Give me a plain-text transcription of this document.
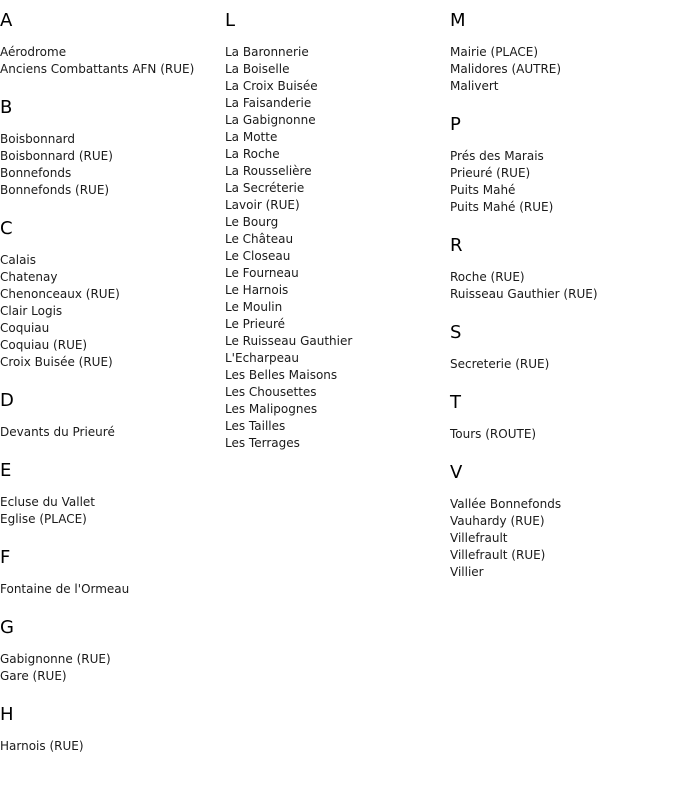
A
Aérodrome
Anciens Combattants AFN (RUE)
B
Boisbonnard
Boisbonnard (RUE)
Bonnefonds
Bonnefonds (RUE)
C
Calais
Chatenay
Chenonceaux (RUE)
Clair Logis
Coquiau
Coquiau (RUE)
Croix Buisée (RUE)
D
Devants du Prieuré
E
Ecluse du Vallet
Eglise (PLACE)
F
Fontaine de l'Ormeau
G
Gabignonne (RUE)
Gare (RUE)
H
Harnois (RUE)
L
La Baronnerie
La Boiselle
La Croix Buisée
La Faisanderie
La Gabignonne
La Motte
La Roche
La Rousselière
La Secréterie
Lavoir (RUE)
Le Bourg
Le Château
Le Closeau
Le Fourneau
Le Harnois
Le Moulin
Le Prieuré
Le Ruisseau Gauthier
L'Echarpeau
Les Belles Maisons
Les Chousettes
Les Malipognes
Les Tailles
Les Terrages
M
Mairie (PLACE)
Malidores (AUTRE)
Malivert
P
Prés des Marais
Prieuré (RUE)
Puits Mahé
Puits Mahé (RUE)
R
Roche (RUE)
Ruisseau Gauthier (RUE)
S
Secreterie (RUE)
T
Tours (ROUTE)
V
Vallée Bonnefonds
Vauhardy (RUE)
Villefrault
Villefrault (RUE)
Villier
